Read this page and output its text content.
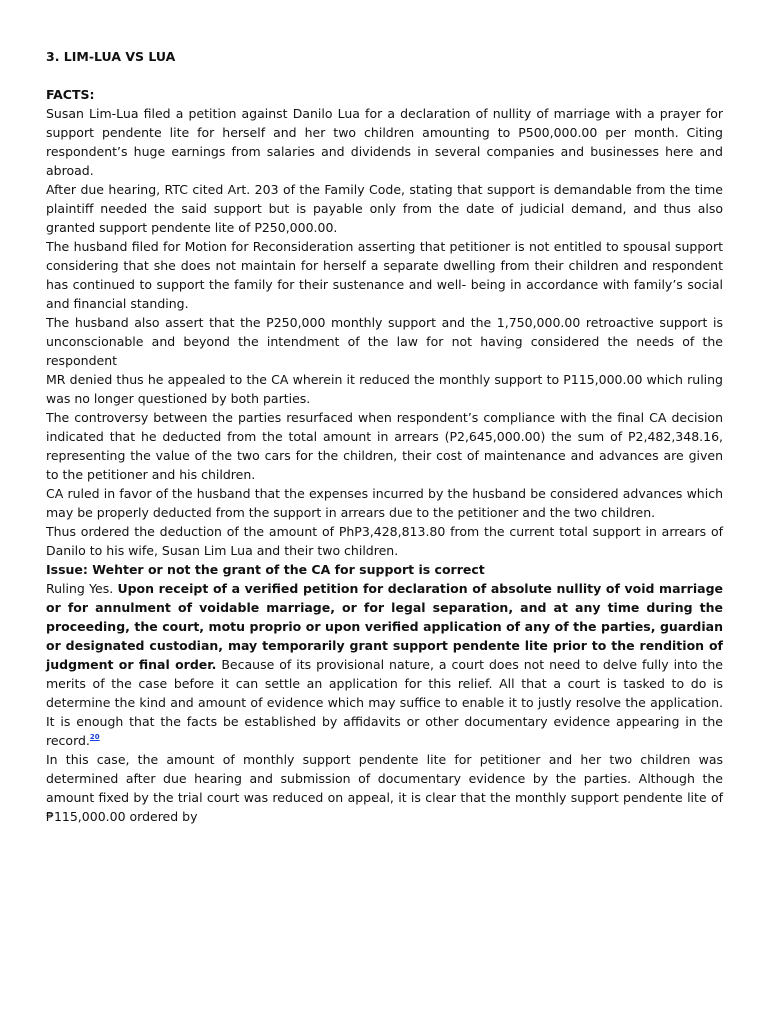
3. LIM-LUA VS LUA

FACTS:

Susan Lim-Lua filed a petition against Danilo Lua for a declaration of nullity of marriage with a prayer for support pendente lite for herself and her two children amounting to P500,000.00 per month. Citing respondent’s huge earnings from salaries and dividends in several companies and businesses here and abroad.

After due hearing, RTC cited Art. 203 of the Family Code, stating that support is demandable from the time plaintiff needed the said support but is payable only from the date of judicial demand, and thus also granted support pendente lite of P250,000.00.

The husband filed for Motion for Reconsideration asserting that petitioner is not entitled to spousal support considering that she does not maintain for herself a separate dwelling from their children and respondent has continued to support the family for their sustenance and well- being in accordance with family’s social and financial standing.

The husband also assert that the P250,000 monthly support and the 1,750,000.00 retroactive support is unconscionable and beyond the intendment of the law for not having considered the needs of the respondent

MR denied thus he appealed to the CA wherein it reduced the monthly support to P115,000.00 which ruling was no longer questioned by both parties.

The controversy between the parties resurfaced when respondent’s compliance with the final CA decision indicated that he deducted from the total amount in arrears (P2,645,000.00) the sum of P2,482,348.16, representing the value of the two cars for the children, their cost of maintenance and advances are given to the petitioner and his children.

CA ruled in favor of the husband that the expenses incurred by the husband be considered advances which may be properly deducted from the support in arrears due to the petitioner and the two children.

Thus ordered the deduction of the amount of PhP3,428,813.80 from the current total support in arrears of Danilo to his wife, Susan Lim Lua and their two children.

Issue: Wehter or not the grant of the CA for support is correct

Ruling Yes. Upon receipt of a verified petition for declaration of absolute nullity of void marriage or for annulment of voidable marriage, or for legal separation, and at any time during the proceeding, the court, motu proprio or upon verified application of any of the parties, guardian or designated custodian, may temporarily grant support pendente lite prior to the rendition of judgment or final order. Because of its provisional nature, a court does not need to delve fully into the merits of the case before it can settle an application for this relief. All that a court is tasked to do is determine the kind and amount of evidence which may suffice to enable it to justly resolve the application. It is enough that the facts be established by affidavits or other documentary evidence appearing in the record.$^{20}$

In this case, the amount of monthly support pendente lite for petitioner and her two children was determined after due hearing and submission of documentary evidence by the parties. Although the amount fixed by the trial court was reduced on appeal, it is clear that the monthly support pendente lite of ₱115,000.00 ordered by
